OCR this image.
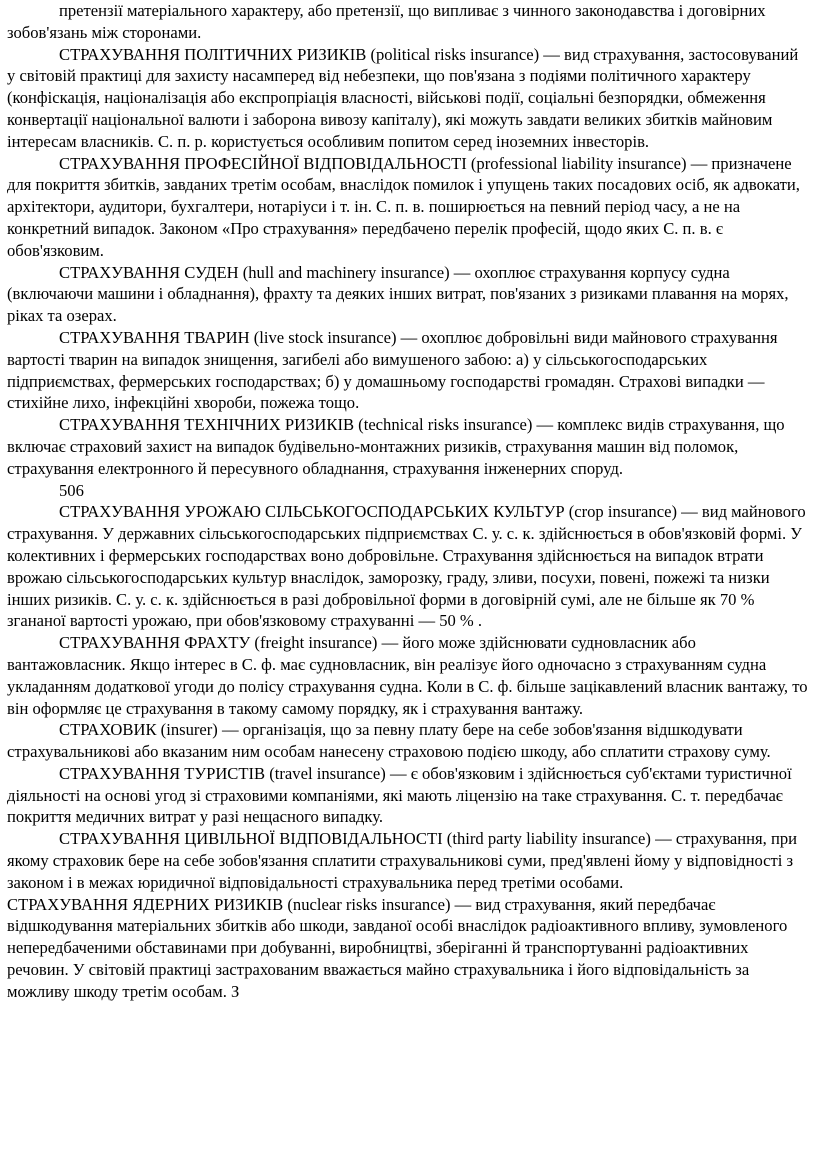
претензії матеріального характеру, або претензії, що випливає з чинного законодавства і договірних зобов'язань між сторонами.

СТРАХУВАННЯ ПОЛІТИЧНИХ РИЗИКІВ (political risks insurance) — вид страхування, застосовуваний у світовій практиці для захисту насамперед від небезпеки, що пов'язана з подіями політичного характеру (конфіскація, націоналізація або експропріація власності, військові події, соціальні безпорядки, обмеження конвертації національної валюти і заборона вивозу капіталу), які можуть завдати великих збитків майновим інтересам власників. С. п. р. користується особливим попитом серед іноземних інвесторів.

СТРАХУВАННЯ ПРОФЕСІЙНОЇ ВІДПОВІДАЛЬНОСТІ (professional liability insurance) — призначене для покриття збитків, завданих третім особам, внаслідок помилок і упущень таких посадових осіб, як адвокати, архітектори, аудитори, бухгалтери, нотаріуси і т. ін. С. п. в. поширюється на певний період часу, а не на конкретний випадок. Законом «Про страхування» передбачено перелік професій, щодо яких С. п. в. є обов'язковим.

СТРАХУВАННЯ СУДЕН (hull and machinery insurance) — охоплює страхування корпусу судна (включаючи машини і обладнання), фрахту та деяких інших витрат, пов'язаних з ризиками плавання на морях, ріках та озерах.

СТРАХУВАННЯ ТВАРИН (live stock insurance) — охоплює добровільні види майнового страхування вартості тварин на випадок знищення, загибелі або вимушеного забою: а) у сільськогосподарських підприємствах, фермерських господарствах; б) у домашньому господарстві громадян. Страхові випадки — стихійне лихо, інфекційні хвороби, пожежа тощо.

СТРАХУВАННЯ ТЕХНІЧНИХ РИЗИКІВ (technical risks insurance) — комплекс видів страхування, що включає страховий захист на випадок будівельно-монтажних ризиків, страхування машин від поломок, страхування електронного й пересувного обладнання, страхування інженерних споруд.

506

СТРАХУВАННЯ УРОЖАЮ СІЛЬСЬКОГОСПОДАРСЬКИХ КУЛЬТУР (crop insurance) — вид майнового страхування. У державних сільськогосподарських підприємствах С. у. с. к. здійснюється в обов'язковій формі. У колективних і фермерських господарствах воно добровільне. Страхування здійснюється на випадок втрати врожаю сільськогосподарських культур внаслідок, заморозку, граду, зливи, посухи, повені, пожежі та низки інших ризиків. С. у. с. к. здійснюється в разі добровільної форми в договірній сумі, але не більше як 70 % згананої вартості урожаю, при обов'язковому страхуванні — 50 % .

СТРАХУВАННЯ ФРАХТУ (freight insurance) — його може здійснювати судновласник або вантажовласник. Якщо інтерес в С. ф. має судновласник, він реалізує його одночасно з страхуванням судна укладанням додаткової угоди до полісу страхування судна. Коли в С. ф. більше зацікавлений власник вантажу, то він оформляє це страхування в такому самому порядку, як і страхування вантажу.

СТРАХОВИК (insurer) — організація, що за певну плату бере на себе зобов'язання відшкодувати страхувальникові або вказаним ним особам нанесену страховою подією шкоду, або сплатити страхову суму.

СТРАХУВАННЯ ТУРИСТІВ (travel insurance) — є обов'язковим і здійснюється суб'єктами туристичної діяльності на основі угод зі страховими компаніями, які мають ліцензію на таке страхування. С. т. передбачає покриття медичних витрат у разі нещасного випадку.

СТРАХУВАННЯ ЦИВІЛЬНОЇ ВІДПОВІДАЛЬНОСТІ (third party liability insurance) — страхування, при якому страховик бере на себе зобов'язання сплатити страхувальникові суми, пред'явлені йому у відповідності з законом і в межах юридичної відповідальності страхувальника перед третіми особами.

СТРАХУВАННЯ ЯДЕРНИХ РИЗИКІВ (nuclear risks insurance) — вид страхування, який передбачає відшкодування матеріальних збитків або шкоди, завданої особі внаслідок радіоактивного впливу, зумовленого непередбаченими обставинами при добуванні, виробництві, зберіганні й транспортуванні радіоактивних речовин. У світовій практиці застрахованим вважається майно страхувальника і його відповідальність за можливу шкоду третім особам. З
